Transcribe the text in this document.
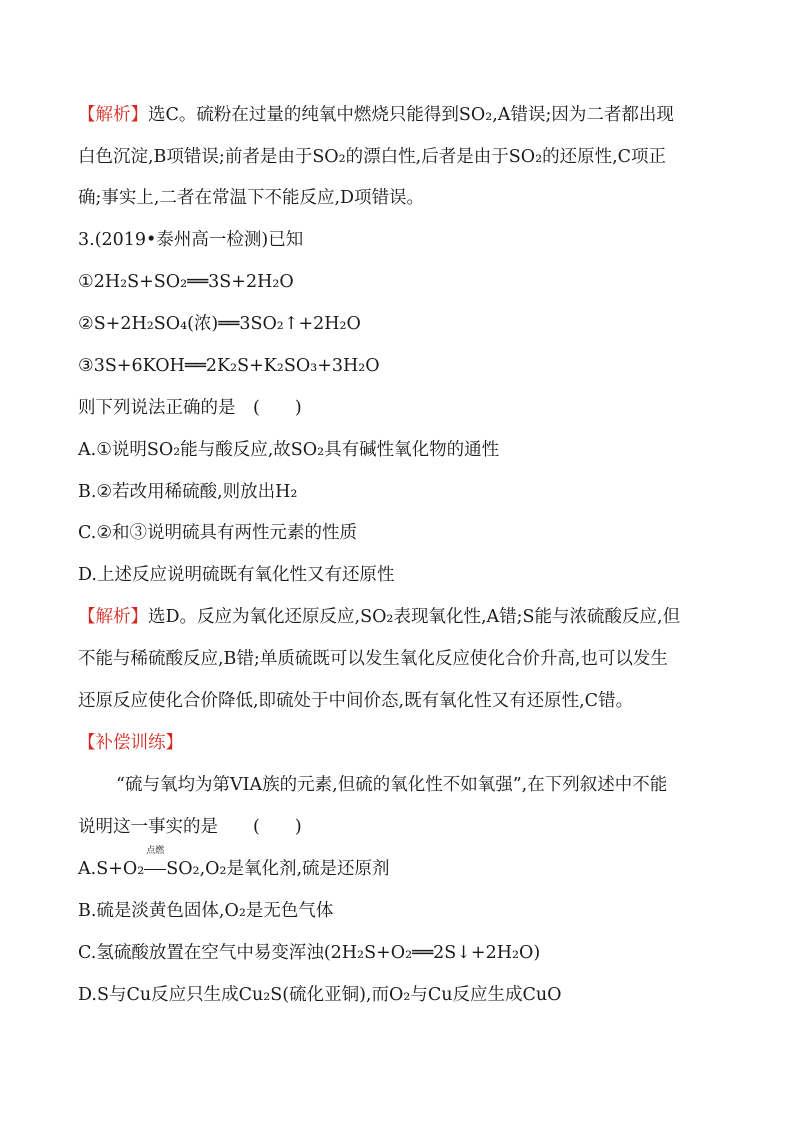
【解析】选C。硫粉在过量的纯氧中燃烧只能得到SO₂,A错误;因为二者都出现
白色沉淀,B项错误;前者是由于SO₂的漂白性,后者是由于SO₂的还原性,C项正
确;事实上,二者在常温下不能反应,D项错误。
3.(2019•泰州高一检测)已知
①2H₂S+SO₂══3S+2H₂O
②S+2H₂SO₄(浓)══3SO₂↑+2H₂O
③3S+6KOH══2K₂S+K₂SO₃+3H₂O
则下列说法正确的是　(　　)
A.①说明SO₂能与酸反应,故SO₂具有碱性氧化物的通性
B.②若改用稀硫酸,则放出H₂
C.②和③说明硫具有两性元素的性质
D.上述反应说明硫既有氧化性又有还原性
【解析】选D。反应为氧化还原反应,SO₂表现氧化性,A错;S能与浓硫酸反应,但
不能与稀硫酸反应,B错;单质硫既可以发生氧化反应使化合价升高,也可以发生
还原反应使化合价降低,即硫处于中间价态,既有氧化性又有还原性,C错。
【补偿训练】
“硫与氧均为第VIA族的元素,但硫的氧化性不如氧强”,在下列叙述中不能
说明这一事实的是　　(　　)
A.S+O₂
点燃
SO₂,O₂是氧化剂,硫是还原剂
B.硫是淡黄色固体,O₂是无色气体
C.氢硫酸放置在空气中易变浑浊(2H₂S+O₂══2S↓+2H₂O)
D.S与Cu反应只生成Cu₂S(硫化亚铜),而O₂与Cu反应生成CuO
